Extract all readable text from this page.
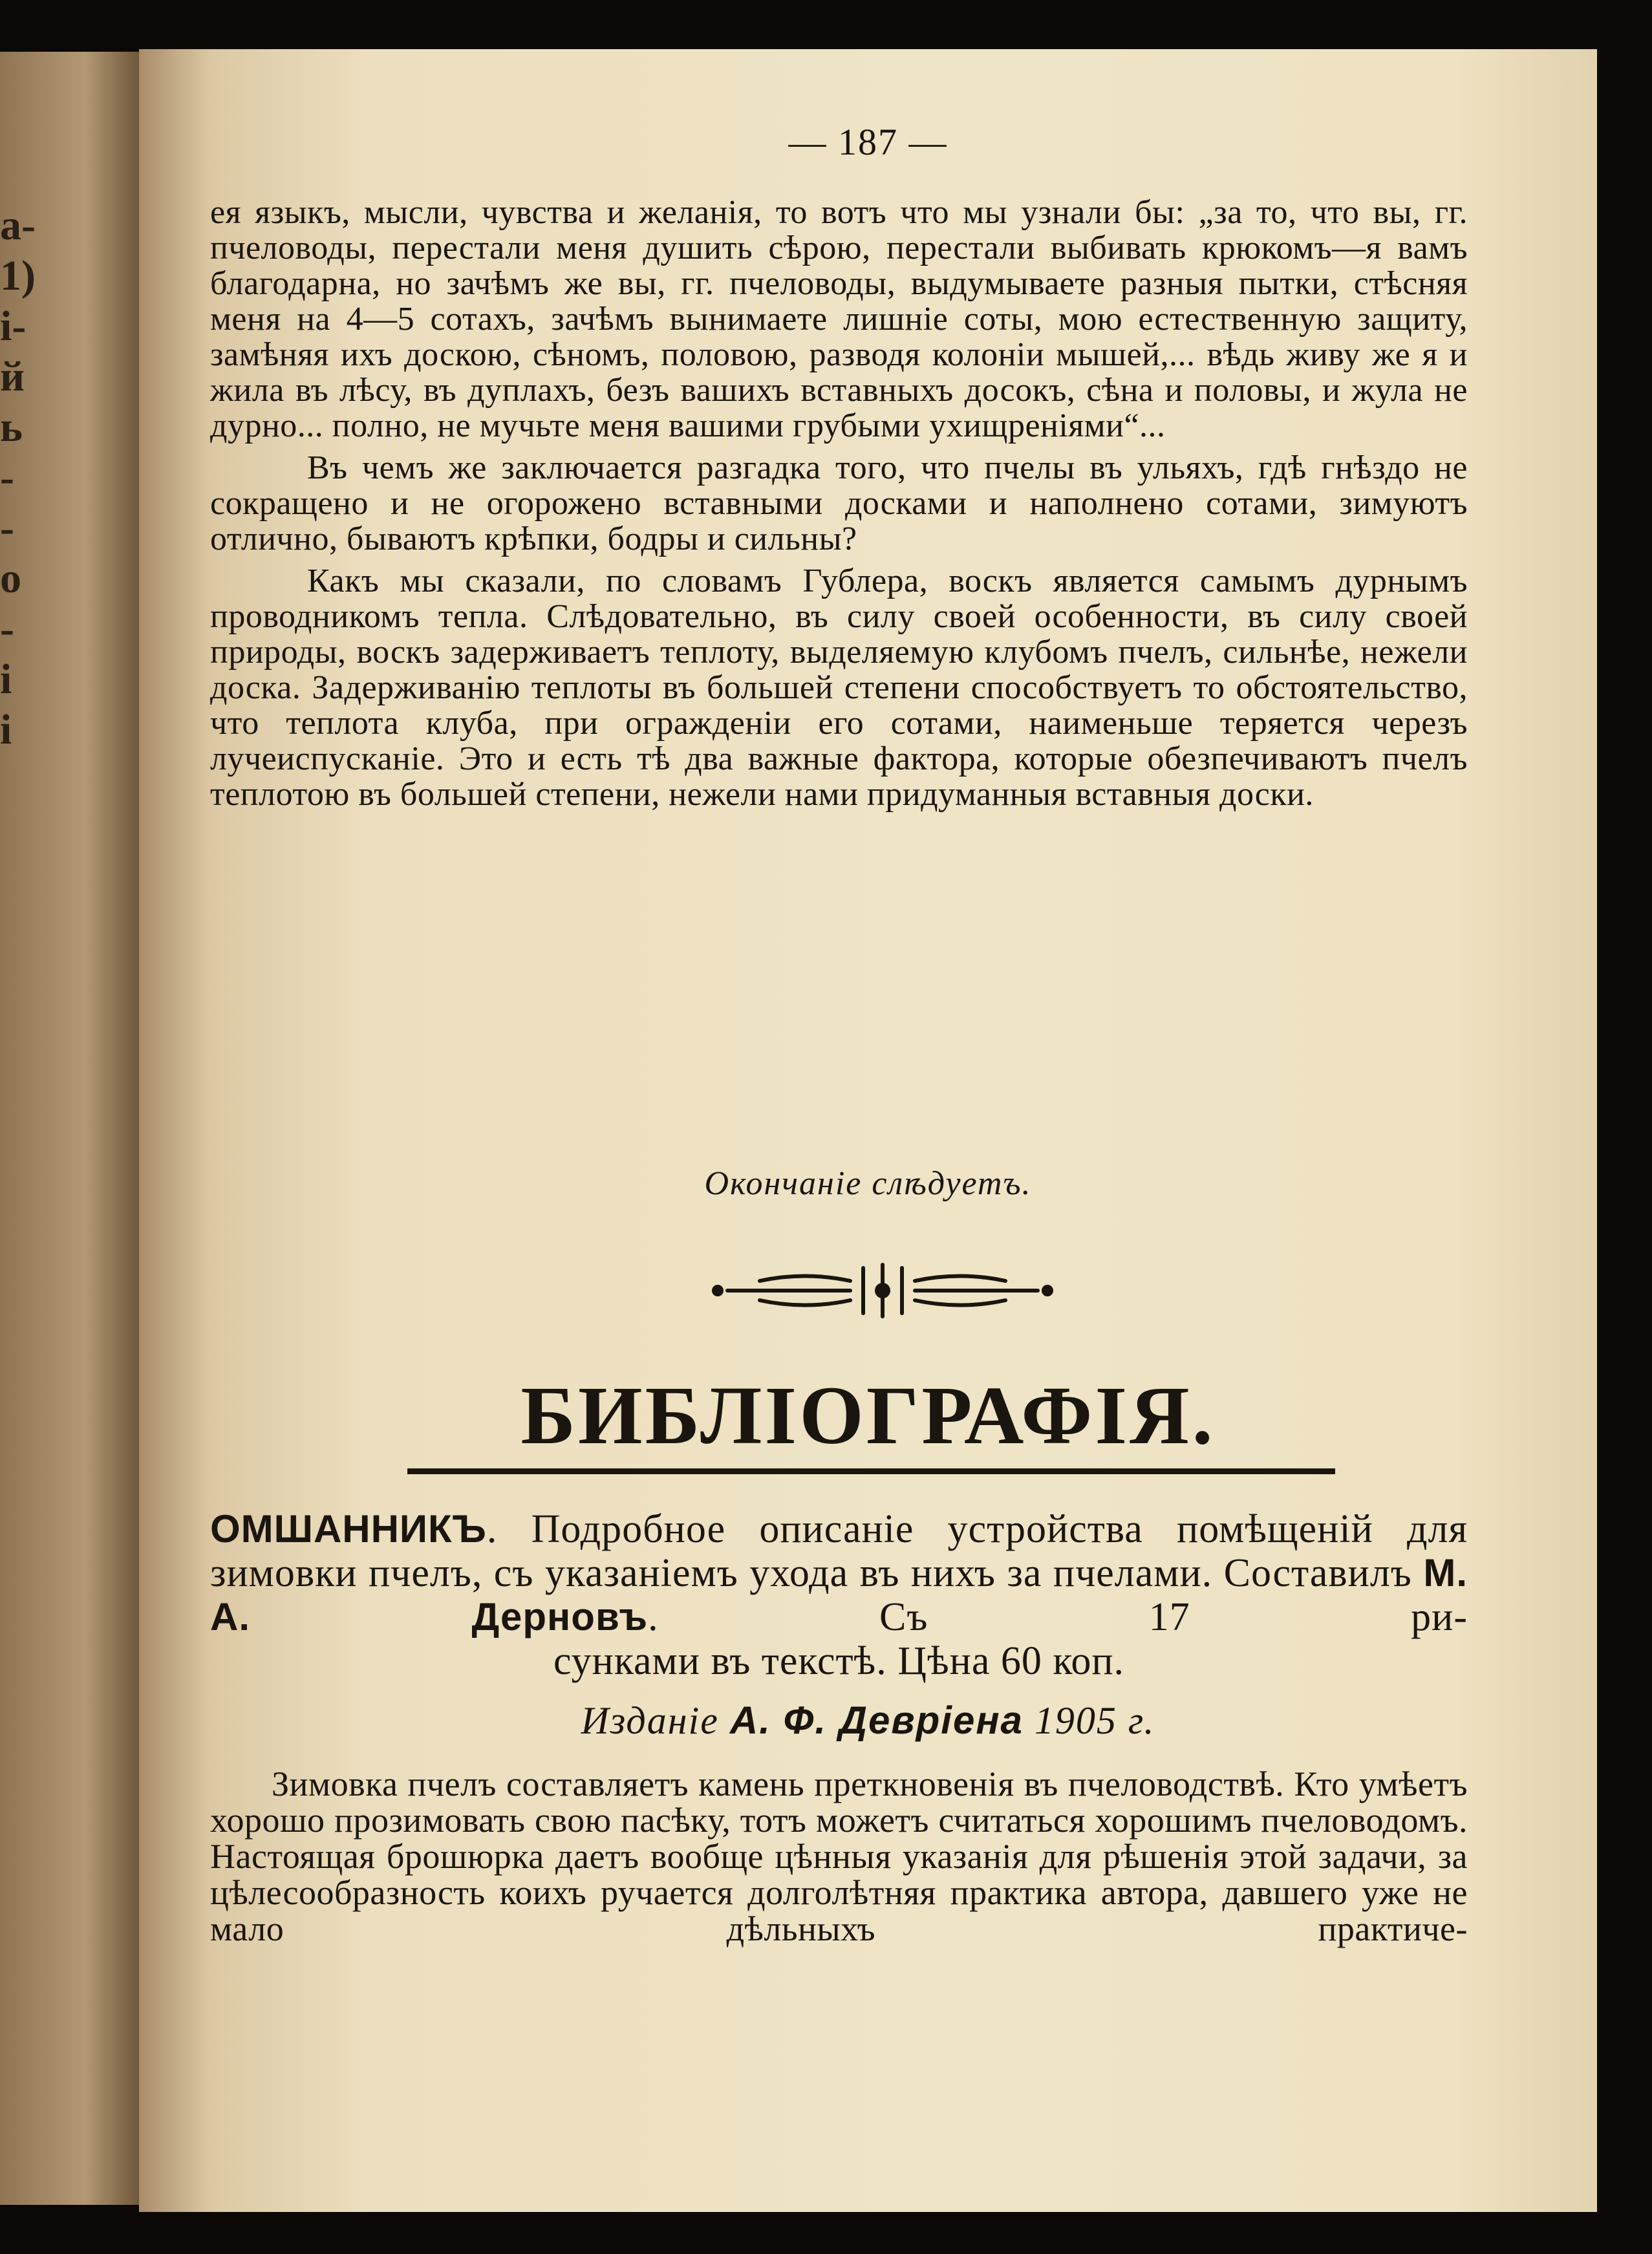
а-
1)
і-
й
ь
-
-
о
-
і
і
— 187 —

ея языкъ, мысли, чувства и желанія, то вотъ что мы узнали бы: „за то, что вы, гг. пчеловоды, перестали меня душить сѣрою, перестали выбивать крюкомъ—я вамъ благодарна, но зачѣмъ же вы, гг. пчеловоды, выдумываете разныя пытки, стѣсняя меня на 4—5 сотахъ, зачѣмъ вынимаете лишніе соты, мою естественную защиту, замѣняя ихъ доскою, сѣномъ, половою, разводя колоніи мышей,... вѣдь живу же я и жила въ лѣсу, въ дуплахъ, безъ вашихъ вставныхъ досокъ, сѣна и половы, и жула не дурно... полно, не мучьте меня вашими грубыми ухищреніями“...

Въ чемъ же заключается разгадка того, что пчелы въ ульяхъ, гдѣ гнѣздо не сокращено и не огорожено вставными досками и наполнено сотами, зимуютъ отлично, бываютъ крѣпки, бодры и сильны?

Какъ мы сказали, по словамъ Гублера, воскъ является самымъ дурнымъ проводникомъ тепла. Слѣдовательно, въ силу своей особенности, въ силу своей природы, воскъ задерживаетъ теплоту, выделяемую клубомъ пчелъ, сильнѣе, нежели доска. Задерживанію теплоты въ большей степени способствуетъ то обстоятельство, что теплота клуба, при огражденіи его сотами, наименьше теряется черезъ лучеиспусканіе. Это и есть тѣ два важные фактора, которые обезпечиваютъ пчелъ теплотою въ большей степени, нежели нами придуманныя вставныя доски.

Окончаніе слѣдуетъ.
БИБЛІОГРАФІЯ.

ОМШАННИКЪ. Подробное описаніе устройства помѣщеній для зимовки пчелъ, съ указаніемъ ухода въ нихъ за пчелами. Составилъ М. А. Дерновъ. Съ 17 ри-

сунками въ текстѣ. Цѣна 60 коп.

Изданіе А. Ф. Девріена 1905 г.

Зимовка пчелъ составляетъ камень преткновенія въ пчеловодствѣ. Кто умѣетъ хорошо прозимовать свою пасѣку, тотъ можетъ считаться хорошимъ пчеловодомъ. Настоящая брошюрка даетъ вообще цѣнныя указанія для рѣшенія этой задачи, за цѣлесообразность коихъ ручается долголѣтняя практика автора, давшего уже не мало дѣльныхъ практиче-
